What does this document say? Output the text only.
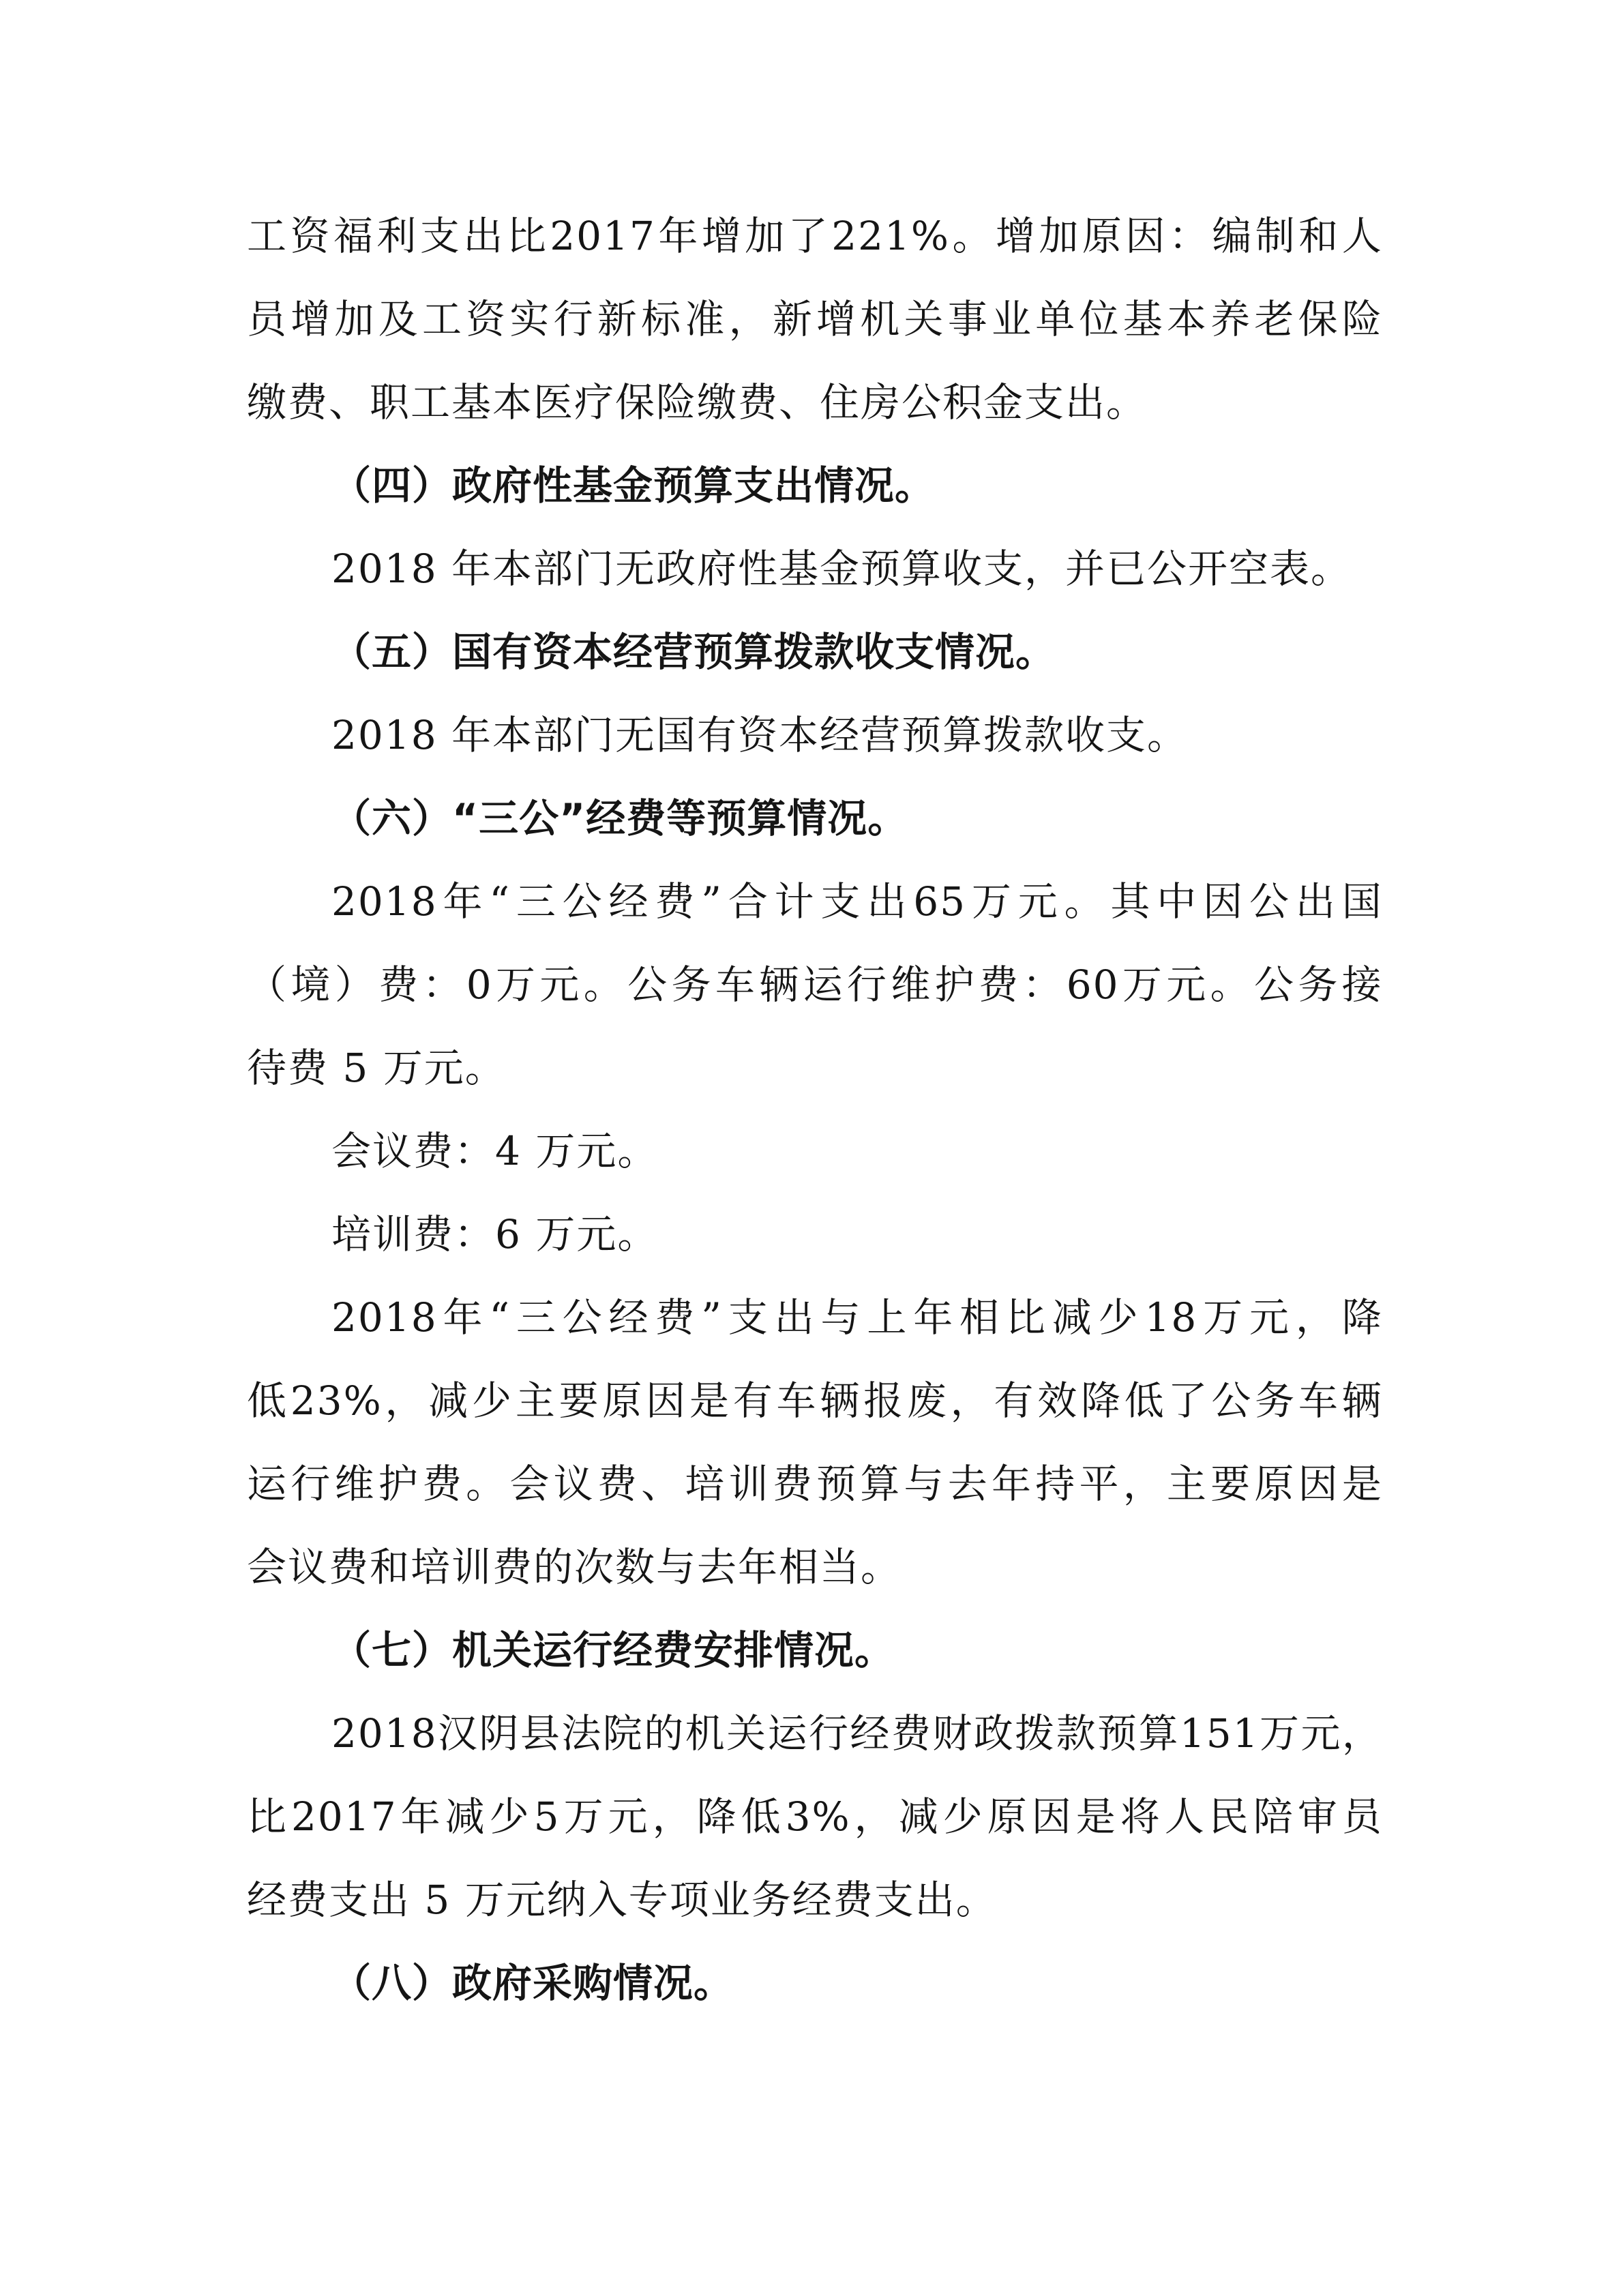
工 资 福 利 支 出 比 2017 年 增 加 了 221% 。 增 加 原 因 ： 编 制 和 人
员 增 加 及 工 资 实 行 新 标 准 ， 新 增 机 关 事 业 单 位 基 本 养 老 保 险
缴费、职工基本医疗保险缴费、住房公积金支出。
（四）政府性基金预算支出情况。
2018 年本部门无政府性基金预算收支，并已公开空表。
（五）国有资本经营预算拨款收支情况。
2018 年本部门无国有资本经营预算拨款收支。
（六）“三公”经费等预算情况。
2018 年 “ 三 公 经 费 ” 合 计 支 出 65 万 元 。 其 中 因 公 出 国
（ 境 ） 费 ： 0 万 元 。 公 务 车 辆 运 行 维 护 费 ： 60 万 元 。 公 务 接
待费 5 万元。
会议费：4 万元。
培训费：6 万元。
2018 年 “ 三 公 经 费 ” 支 出 与 上 年 相 比 减 少 18 万 元 ， 降
低 23% ， 减 少 主 要 原 因 是 有 车 辆 报 废 ， 有 效 降 低 了 公 务 车 辆
运 行 维 护 费 。 会 议 费 、 培 训 费 预 算 与 去 年 持 平 ， 主 要 原 因 是
会议费和培训费的次数与去年相当。
（七）机关运行经费安排情况。
2018 汉 阴 县 法 院 的 机 关 运 行 经 费 财 政 拨 款 预 算 151 万 元 ，
比 2017 年 减 少 5 万 元 ， 降 低 3% ， 减 少 原 因 是 将 人 民 陪 审 员
经费支出 5 万元纳入专项业务经费支出。
（八）政府采购情况。
